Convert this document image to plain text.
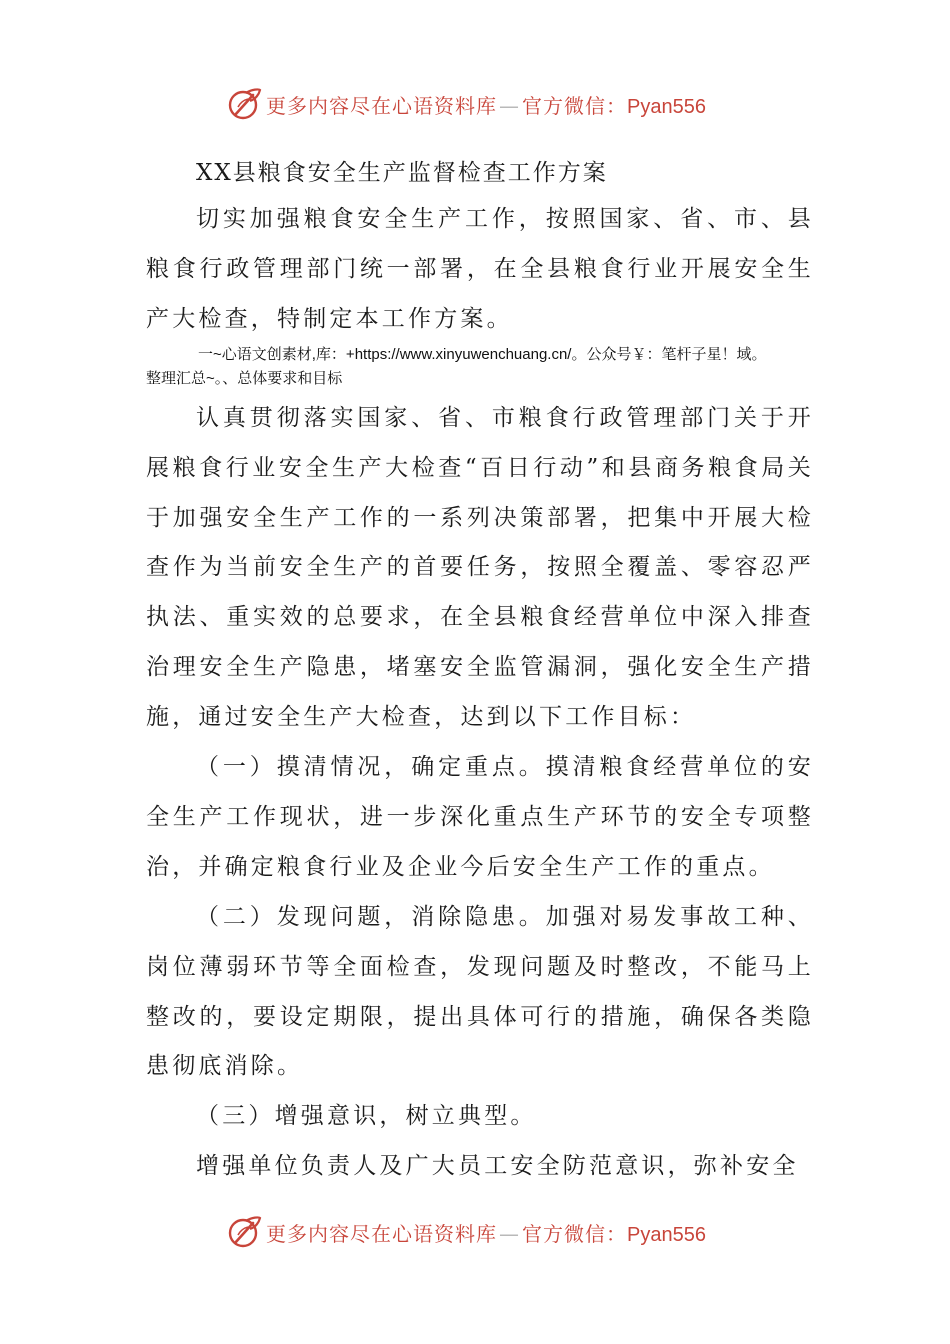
更多内容尽在心语资料库 — 官方微信：Pyan556
XX县粮食安全生产监督检查工作方案

切实加强粮食安全生产工作，按照国家、省、市、县粮食行政管理部门统一部署，在全县粮食行业开展安全生产大检查，特制定本工作方案。

一~心语文创素材,库：+https://www.xinyuwenchuang.cn/。公众号￥：笔杆子星！域。
整理汇总~。、总体要求和目标

认真贯彻落实国家、省、市粮食行政管理部门关于开展粮食行业安全生产大检查“百日行动”和县商务粮食局关于加强安全生产工作的一系列决策部署，把集中开展大检查作为当前安全生产的首要任务，按照全覆盖、零容忍严执法、重实效的总要求，在全县粮食经营单位中深入排查治理安全生产隐患，堵塞安全监管漏洞，强化安全生产措施，通过安全生产大检查，达到以下工作目标：

（一）摸清情况，确定重点。摸清粮食经营单位的安全生产工作现状，进一步深化重点生产环节的安全专项整治，并确定粮食行业及企业今后安全生产工作的重点。

（二）发现问题，消除隐患。加强对易发事故工种、岗位薄弱环节等全面检查，发现问题及时整改，不能马上整改的，要设定期限，提出具体可行的措施，确保各类隐患彻底消除。

（三）增强意识，树立典型。

增强单位负责人及广大员工安全防范意识，弥补安全

更多内容尽在心语资料库 — 官方微信：Pyan556
